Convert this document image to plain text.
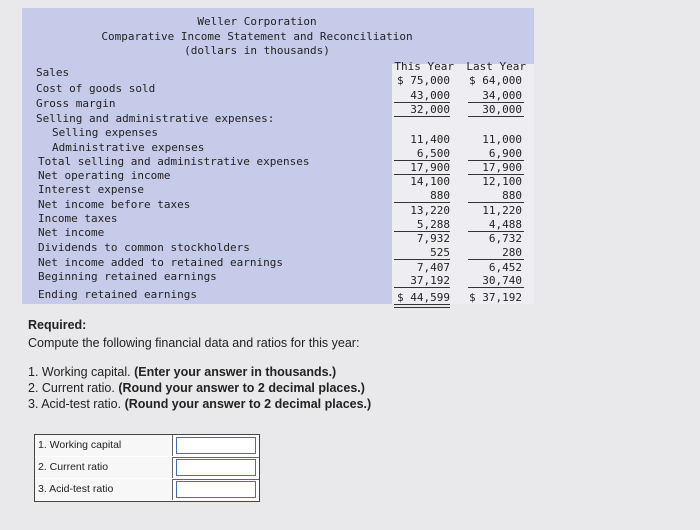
Weller Corporation
Comparative Income Statement and Reconciliation
(dollars in thousands)
This Year Last Year
Sales
Cost of goods sold
Gross margin
Selling and administrative expenses:
Selling expenses
Administrative expenses
Total selling and administrative expenses
Net operating income
Interest expense
Net income before taxes
Income taxes
Net income
Dividends to common stockholders
Net income added to retained earnings
Beginning retained earnings
Ending retained earnings
$ 75,000
43,000
32,000
11,400
6,500
17,900
14,100
880
13,220
5,288
7,932
525
7,407
37,192
$ 44,599
$ 64,000
34,000
30,000
11,000
6,900
17,900
12,100
880
11,220
4,488
6,732
280
6,452
30,740
$ 37,192
Required:
Compute the following financial data and ratios for this year:
1. Working capital. (Enter your answer in thousands.)
2. Current ratio. (Round your answer to 2 decimal places.)
3. Acid-test ratio. (Round your answer to 2 decimal places.)
1. Working capital
2. Current ratio
3. Acid-test ratio
